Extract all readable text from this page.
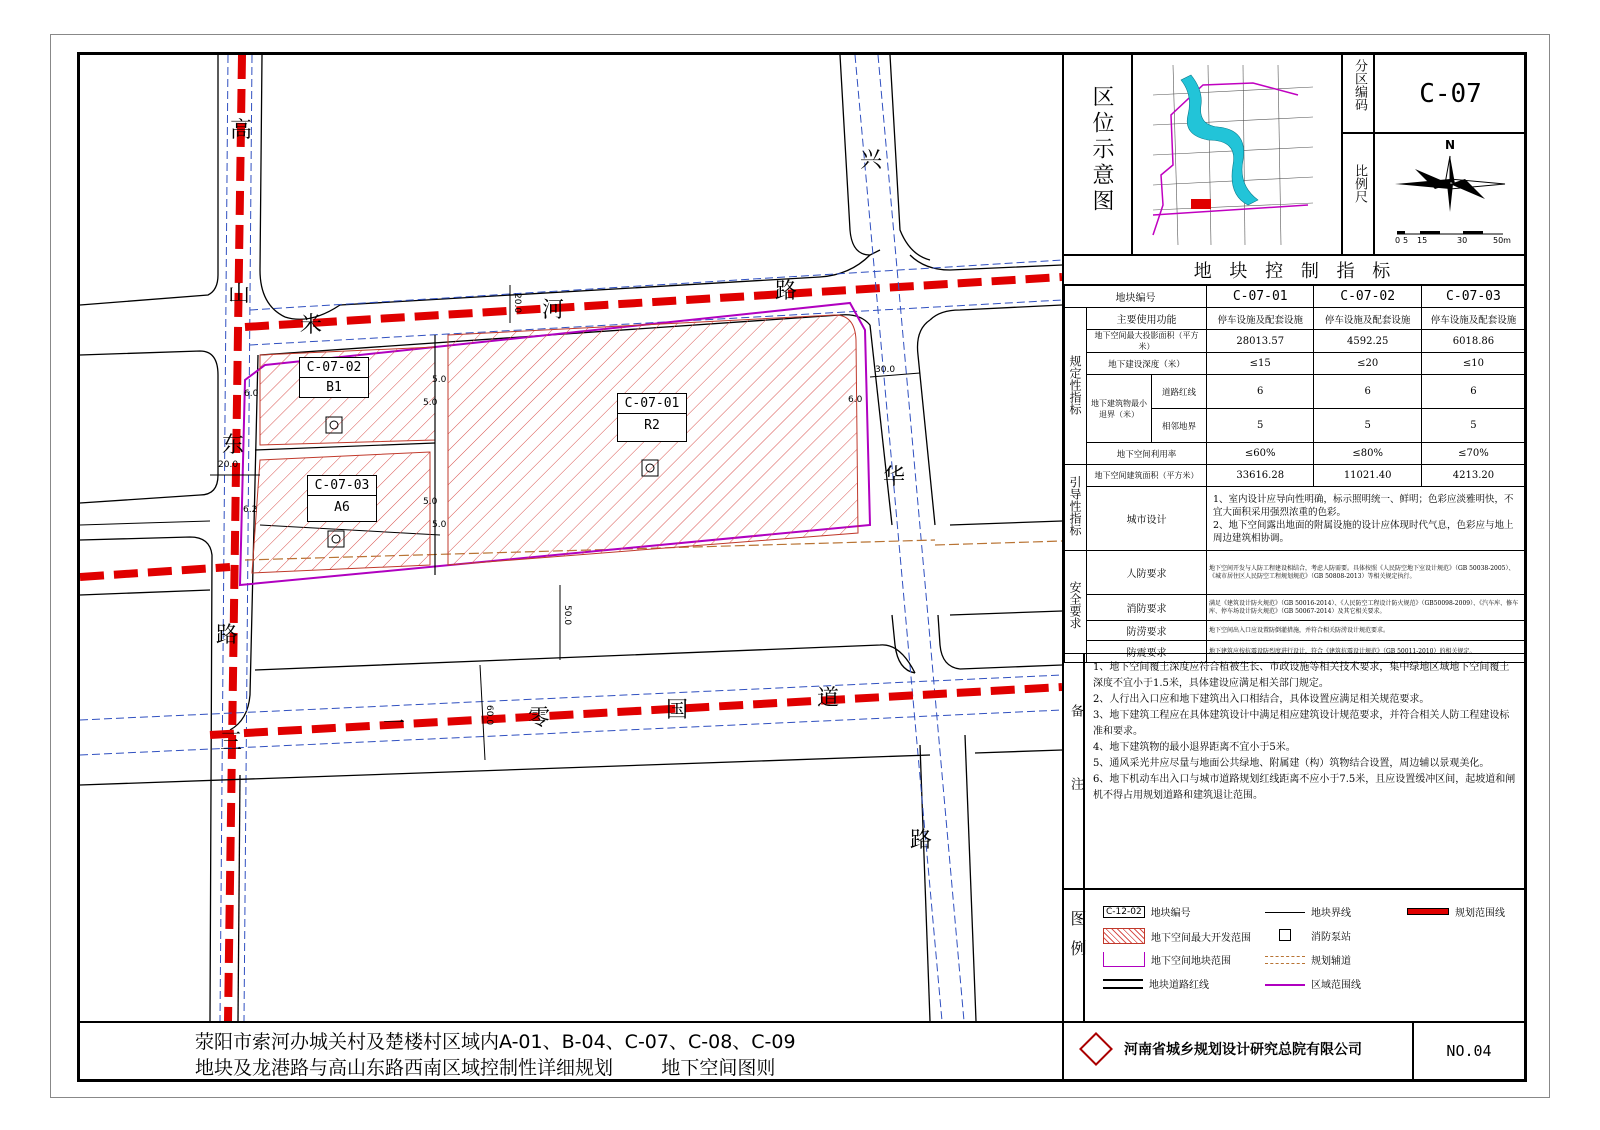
高
山
东
路
米
河
路
兴
华
路
三
一	零	国	道
C-07-02
B1
C-07-01
R2
C-07-03
A6
20.0
30.0
6.0
20.0
5.0
5.0
5.0
5.0
6.0
6.2
50.0
60.0
区位示意图	分区编码 C-07
比例尺
N
0 5 15	30	50m
地 块 控 制 指 标
地块编号			C-07-01	C-07-02	C-07-03
规定性指标	主要使用功能		停车设施及配套设施	停车设施及配套设施	停车设施及配套设施
	地下空间最大投影面积（平方米）		28013.57	4592.25	6018.86
	地下建设深度（米）		≤15	≤20	≤10
	地下建筑物最小退界（米）	道路红线	6	6	6
		相邻地界	5	5	5
	地下空间利用率		≤60%	≤80%	≤70%
引导性指标	地下空间建筑面积（平方米）		33616.28	11021.40	4213.20
	城市设计		1、室内设计应导向性明确，标示照明统一、鲜明；色彩应淡雅明快，不宜大面积采用强烈浓重的色彩。
2、地下空间露出地面的附属设施的设计应体现时代气息，色彩应与地上周边建筑相协调。		

安全要求	人防要求		地下空间开发与人防工程建设相结合，考虑人防需要。具体按照《人民防空地下室设计规范》（GB 50038-2005）、《城市居住区人民防空工程规划规范》（GB 50808-2013）等相关规定执行。		
	消防要求		满足《建筑设计防火规范》（GB 50016-2014）、《人民防空工程设计防火规范》（GB50098-2009）、《汽车库、修车库、停车场设计防火规范》（GB 50067-2014）及其它相关要求。		
	防涝要求		地下空间出入口应设置防倒灌措施，并符合相关防涝设计规范要求。		
	防震要求		地下建筑应按抗震设防烈度进行设计，符合《建筑抗震设计规范》（GB 50011-2010）的相关规定。		
备注
1、地下空间覆土深度应符合植被生长、市政设施等相关技术要求，集中绿地区域地下空间覆土深度不宜小于1.5米，具体建设应满足相关部门规定。
2、人行出入口应和地下建筑出入口相结合，具体设置应满足相关规范要求。
3、地下建筑工程应在具体建筑设计中满足相应建筑设计规范要求，并符合相关人防工程建设标准和要求。
4、地下建筑物的最小退界距离不宜小于5米。
5、通风采光井应尽量与地面公共绿地、附属建（构）筑物结合设置，周边辅以景观美化。
6、地下机动车出入口与城市道路规划红线距离不应小于7.5米，且应设置缓冲区间，起坡道和闸机不得占用规划道路和建筑退让范围。
图例	C-12-02 地块编号	地块界线	规划范围线
地下空间最大开发范围	消防泵站
地下空间地块范围	规划辅道
地块道路红线	区域范围线
荥阳市索河办城关村及楚楼村区域内A-01、B-04、C-07、C-08、C-09
地块及龙港路与高山东路西南区域控制性详细规划        地下空间图则
河南省城乡规划设计研究总院有限公司	NO.04
